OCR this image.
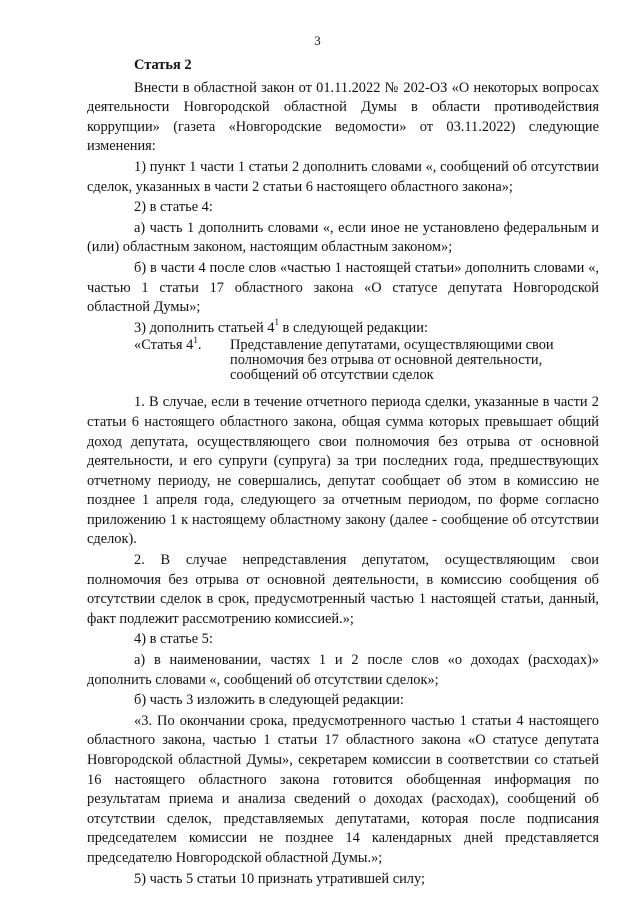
3
Статья 2

Внести в областной закон от 01.11.2022 № 202-ОЗ «О некоторых вопросах деятельности Новгородской областной Думы в области противодействия коррупции» (газета «Новгородские ведомости» от 03.11.2022) следующие изменения:

1) пункт 1 части 1 статьи 2 дополнить словами «, сообщений об отсутствии сделок, указанных в части 2 статьи 6 настоящего областного закона»;

2) в статье 4:

а) часть 1 дополнить словами «, если иное не установлено федеральным и (или) областным законом, настоящим областным законом»;

б) в части 4 после слов «частью 1 настоящей статьи» дополнить словами «, частью 1 статьи 17 областного закона «О статусе депутата Новгородской областной Думы»;

3) дополнить статьей $4^1$ в следующей редакции:

«Статья $4^1$.	Представление депутатами, осуществляющими свои полномочия без отрыва от основной деятельности, сообщений об отсутствии сделок

1. В случае, если в течение отчетного периода сделки, указанные в части 2 статьи 6 настоящего областного закона, общая сумма которых превышает общий доход депутата, осуществляющего свои полномочия без отрыва от основной деятельности, и его супруги (супруга) за три последних года, предшествующих отчетному периоду, не совершались, депутат сообщает об этом в комиссию не позднее 1 апреля года, следующего за отчетным периодом, по форме согласно приложению 1 к настоящему областному закону (далее - сообщение об отсутствии сделок).

2. В случае непредставления депутатом, осуществляющим свои полномочия без отрыва от основной деятельности, в комиссию сообщения об отсутствии сделок в срок, предусмотренный частью 1 настоящей статьи, данный, факт подлежит рассмотрению комиссией.»;

4) в статье 5:

а) в наименовании, частях 1 и 2 после слов «о доходах (расходах)» дополнить словами «, сообщений об отсутствии сделок»;

б) часть 3 изложить в следующей редакции:

«3. По окончании срока, предусмотренного частью 1 статьи 4 настоящего областного закона, частью 1 статьи 17 областного закона «О статусе депутата Новгородской областной Думы», секретарем комиссии в соответствии со статьей 16 настоящего областного закона готовится обобщенная информация по результатам приема и анализа сведений о доходах (расходах), сообщений об отсутствии сделок, представляемых депутатами, которая после подписания председателем комиссии не позднее 14 календарных дней представляется председателю Новгородской областной Думы.»;

5) часть 5 статьи 10 признать утратившей силу;
